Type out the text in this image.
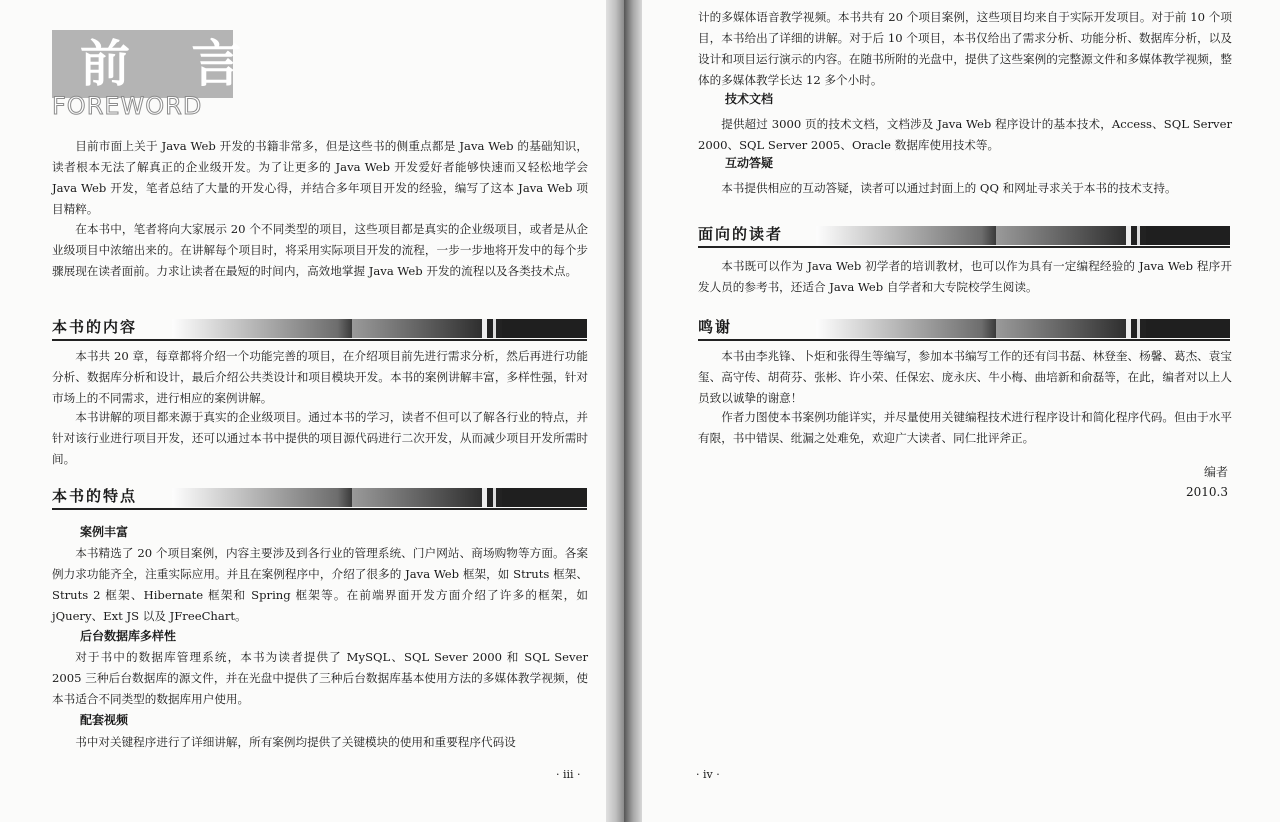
前 言
FOREWORD

目前市面上关于 Java Web 开发的书籍非常多，但是这些书的侧重点都是 Java Web 的基础知识，读者根本无法了解真正的企业级开发。为了让更多的 Java Web 开发爱好者能够快速而又轻松地学会 Java Web 开发，笔者总结了大量的开发心得，并结合多年项目开发的经验，编写了这本 Java Web 项目精粹。

在本书中，笔者将向大家展示 20 个不同类型的项目，这些项目都是真实的企业级项目，或者是从企业级项目中浓缩出来的。在讲解每个项目时，将采用实际项目开发的流程，一步一步地将开发中的每个步骤展现在读者面前。力求让读者在最短的时间内，高效地掌握 Java Web 开发的流程以及各类技术点。

本书的内容

本书共 20 章，每章都将介绍一个功能完善的项目，在介绍项目前先进行需求分析，然后再进行功能分析、数据库分析和设计，最后介绍公共类设计和项目模块开发。本书的案例讲解丰富，多样性强，针对市场上的不同需求，进行相应的案例讲解。

本书讲解的项目都来源于真实的企业级项目。通过本书的学习，读者不但可以了解各行业的特点，并针对该行业进行项目开发，还可以通过本书中提供的项目源代码进行二次开发，从而减少项目开发所需时间。

本书的特点
案例丰富

本书精选了 20 个项目案例，内容主要涉及到各行业的管理系统、门户网站、商场购物等方面。各案例力求功能齐全，注重实际应用。并且在案例程序中，介绍了很多的 Java Web 框架，如 Struts 框架、Struts 2 框架、Hibernate 框架和 Spring 框架等。在前端界面开发方面介绍了许多的框架，如 jQuery、Ext JS 以及 JFreeChart。

后台数据库多样性

对于书中的数据库管理系统，本书为读者提供了 MySQL、SQL Sever 2000 和 SQL Sever 2005 三种后台数据库的源文件，并在光盘中提供了三种后台数据库基本使用方法的多媒体教学视频，使本书适合不同类型的数据库用户使用。

配套视频

书中对关键程序进行了详细讲解，所有案例均提供了关键模块的使用和重要程序代码设

· iii ·

计的多媒体语音教学视频。本书共有 20 个项目案例，这些项目均来自于实际开发项目。对于前 10 个项目，本书给出了详细的讲解。对于后 10 个项目，本书仅给出了需求分析、功能分析、数据库分析，以及设计和项目运行演示的内容。在随书所附的光盘中，提供了这些案例的完整源文件和多媒体教学视频，整体的多媒体教学长达 12 多个小时。

技术文档

提供超过 3000 页的技术文档，文档涉及 Java Web 程序设计的基本技术，Access、SQL Server 2000、SQL Server 2005、Oracle 数据库使用技术等。

互动答疑

本书提供相应的互动答疑，读者可以通过封面上的 QQ 和网址寻求关于本书的技术支持。

面向的读者

本书既可以作为 Java Web 初学者的培训教材，也可以作为具有一定编程经验的 Java Web 程序开发人员的参考书，还适合 Java Web 自学者和大专院校学生阅读。

鸣谢

本书由李兆锋、卜炬和张得生等编写，参加本书编写工作的还有闫书磊、林登奎、杨馨、葛杰、袁宝玺、高守传、胡荷芬、张彬、许小荣、任保宏、庞永庆、牛小梅、曲培新和俞磊等，在此，编者对以上人员致以诚挚的谢意！

作者力图使本书案例功能详实，并尽量使用关键编程技术进行程序设计和简化程序代码。但由于水平有限，书中错误、纰漏之处难免，欢迎广大读者、同仁批评斧正。

编者
2010.3
· iv ·
